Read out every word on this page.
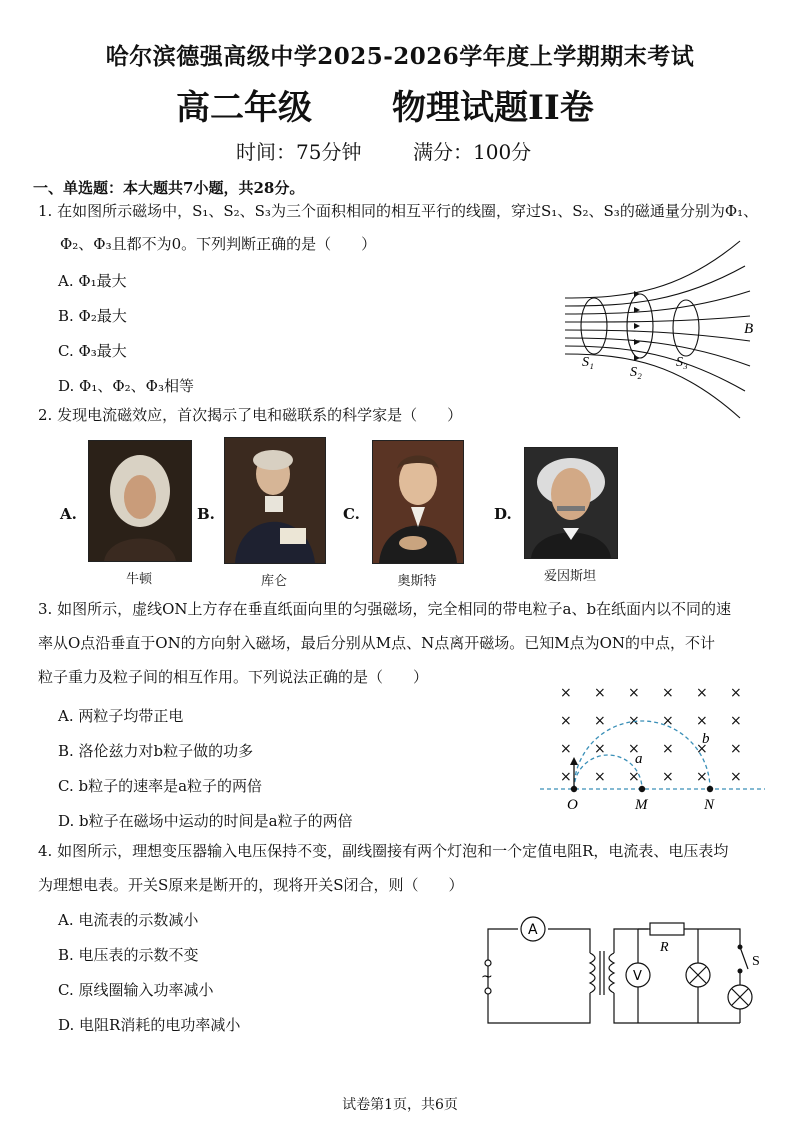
哈尔滨德强高级中学2025-2026学年度上学期期末考试
高二年级 物理试题II卷
时间：75分钟	满分：100分
一、单选题：本大题共7小题，共28分。
1. 在如图所示磁场中，S₁、S₂、S₃为三个面积相同的相互平行的线圈，穿过S₁、S₂、S₃的磁通量分别为Φ₁、
Φ₂、Φ₃且都不为0。下列判断正确的是（　　）
A. Φ₁最大
B. Φ₂最大
C. Φ₃最大
D. Φ₁、Φ₂、Φ₃相等
B
S₁
S₂
S₃
2. 发现电流磁效应，首次揭示了电和磁联系的科学家是（　　）
A.
牛顿
B.
库仑
C.
奥斯特
D.
爱因斯坦
3. 如图所示，虚线ON上方存在垂直纸面向里的匀强磁场，完全相同的带电粒子a、b在纸面内以不同的速
率从O点沿垂直于ON的方向射入磁场，最后分别从M点、N点离开磁场。已知M点为ON的中点，不计
粒子重力及粒子间的相互作用。下列说法正确的是（　　）
A. 两粒子均带正电
B. 洛伦兹力对b粒子做的功多
C. b粒子的速率是a粒子的两倍
D. b粒子在磁场中运动的时间是a粒子的两倍
× × × × × ×
× × × × × ×
× × × × × ×
× × × × × ×
O	M	N
a
b
4. 如图所示，理想变压器输入电压保持不变，副线圈接有两个灯泡和一个定值电阻R，电流表、电压表均
为理想电表。开关S原来是断开的，现将开关S闭合，则（　　）
A. 电流表的示数减小
B. 电压表的示数不变
C. 原线圈输入功率减小
D. 电阻R消耗的电功率减小
A
V
R
S
~
试卷第1页，共6页
